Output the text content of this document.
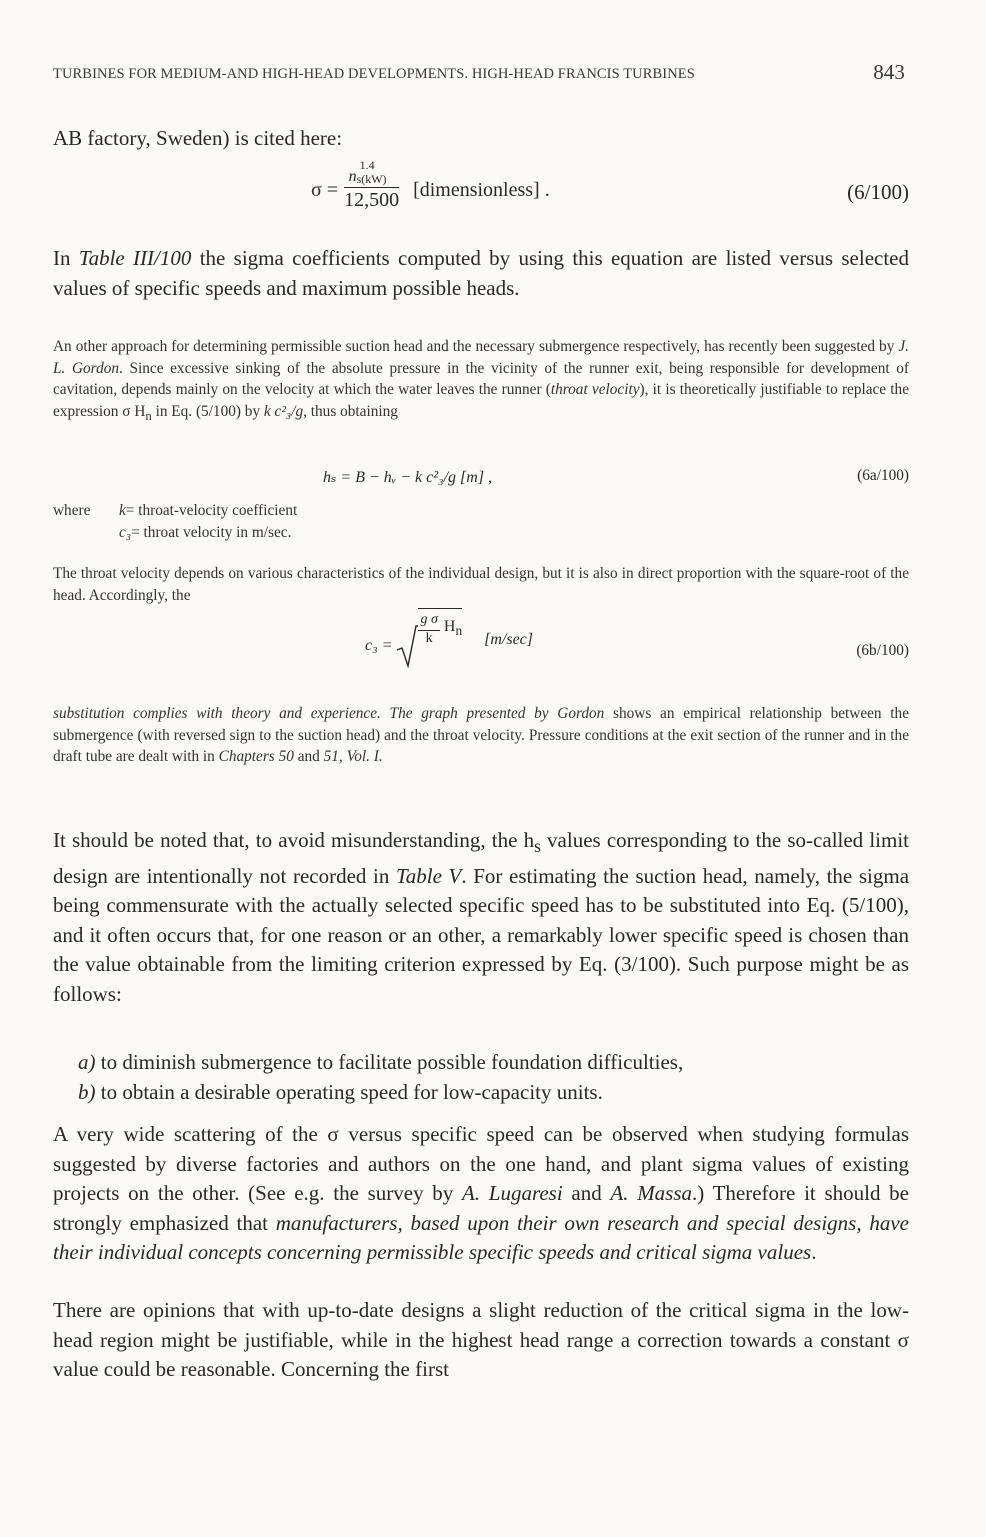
TURBINES FOR MEDIUM-AND HIGH-HEAD DEVELOPMENTS. HIGH-HEAD FRANCIS TURBINES	843
AB factory, Sweden) is cited here:
σ = n
1.4
s(kW)
12,500 [dimensionless] .	(6/100)
In Table III/100 the sigma coefficients computed by using this equation are listed versus selected values of specific speeds and maximum possible heads.
An other approach for determining permissible suction head and the necessary submergence respectively, has recently been suggested by J. L. Gordon. Since excessive sinking of the absolute pressure in the vicinity of the runner exit, being responsible for development of cavitation, depends mainly on the velocity at which the water leaves the runner (throat velocity), it is theoretically justifiable to replace the expression σ $H_n$ in Eq. (5/100) by k c²₃/g, thus obtaining
hₛ = B − hᵥ − k c²₃/g [m] ,	(6a/100)
where	k = throat-velocity coefficient
c₃ = throat velocity in m/sec.
The throat velocity depends on various characteristics of the individual design, but it is also in direct proportion with the square-root of the head. Accordingly, the
$c_3 = \frac{\text{g σ}}{k} H_n$
[m/sec]
(6b/100)
substitution complies with theory and experience. The graph presented by Gordon shows an empirical relationship between the submergence (with reversed sign to the suction head) and the throat velocity. Pressure conditions at the exit section of the runner and in the draft tube are dealt with in Chapters 50 and 51, Vol. I.
It should be noted that, to avoid misunderstanding, the $h_s$ values corresponding to the so-called limit design are intentionally not recorded in Table V. For estimating the suction head, namely, the sigma being commensurate with the actually selected specific speed has to be substituted into Eq. (5/100), and it often occurs that, for one reason or an other, a remarkably lower specific speed is chosen than the value obtainable from the limiting criterion expressed by Eq. (3/100). Such purpose might be as follows:
a) to diminish submergence to facilitate possible foundation difficulties,
b) to obtain a desirable operating speed for low-capacity units.
A very wide scattering of the σ versus specific speed can be observed when studying formulas suggested by diverse factories and authors on the one hand, and plant sigma values of existing projects on the other. (See e.g. the survey by A. Lugaresi and A. Massa.) Therefore it should be strongly emphasized that manufacturers, based upon their own research and special designs, have their individual concepts concerning permissible specific speeds and critical sigma values.
There are opinions that with up-to-date designs a slight reduction of the critical sigma in the low-head region might be justifiable, while in the highest head range a correction towards a constant σ value could be reasonable. Concerning the first
